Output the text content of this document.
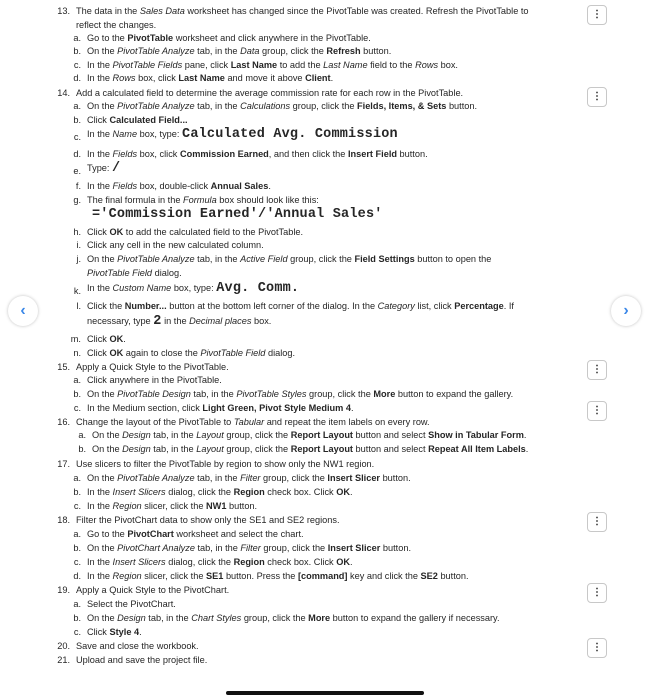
13. The data in the Sales Data worksheet has changed since the PivotTable was created. Refresh the PivotTable to
reflect the changes.
a. Go to the PivotTable worksheet and click anywhere in the PivotTable.
b. On the PivotTable Analyze tab, in the Data group, click the Refresh button.
c. In the PivotTable Fields pane, click Last Name to add the Last Name field to the Rows box.
d. In the Rows box, click Last Name and move it above Client.
14. Add a calculated field to determine the average commission rate for each row in the PivotTable.
a. On the PivotTable Analyze tab, in the Calculations group, click the Fields, Items, & Sets button.
b. Click Calculated Field...
c. In the Name box, type: Calculated Avg. Commission
d. In the Fields box, click Commission Earned, and then click the Insert Field button.
e. Type: /
f. In the Fields box, double-click Annual Sales.
g. The final formula in the Formula box should look like this:
='Commission Earned'/'Annual Sales'
h. Click OK to add the calculated field to the PivotTable.
i. Click any cell in the new calculated column.
j. On the PivotTable Analyze tab, in the Active Field group, click the Field Settings button to open the
PivotTable Field dialog.
k. In the Custom Name box, type: Avg. Comm.
l. Click the Number... button at the bottom left corner of the dialog. In the Category list, click Percentage. If
necessary, type 2 in the Decimal places box.
m. Click OK.
n. Click OK again to close the PivotTable Field dialog.
15. Apply a Quick Style to the PivotTable.
a. Click anywhere in the PivotTable.
b. On the PivotTable Design tab, in the PivotTable Styles group, click the More button to expand the gallery.
c. In the Medium section, click Light Green, Pivot Style Medium 4.
16. Change the layout of the PivotTable to Tabular and repeat the item labels on every row.
a. On the Design tab, in the Layout group, click the Report Layout button and select Show in Tabular Form.
b. On the Design tab, in the Layout group, click the Report Layout button and select Repeat All Item Labels.
17. Use slicers to filter the PivotTable by region to show only the NW1 region.
a. On the PivotTable Analyze tab, in the Filter group, click the Insert Slicer button.
b. In the Insert Slicers dialog, click the Region check box. Click OK.
c. In the Region slicer, click the NW1 button.
18. Filter the PivotChart data to show only the SE1 and SE2 regions.
a. Go to the PivotChart worksheet and select the chart.
b. On the PivotChart Analyze tab, in the Filter group, click the Insert Slicer button.
c. In the Insert Slicers dialog, click the Region check box. Click OK.
d. In the Region slicer, click the SE1 button. Press the [command] key and click the SE2 button.
19. Apply a Quick Style to the PivotChart.
a. Select the PivotChart.
b. On the Design tab, in the Chart Styles group, click the More button to expand the gallery if necessary.
c. Click Style 4.
20. Save and close the workbook.
21. Upload and save the project file.
‹	›
⋮
⋮
⋮
⋮
⋮
⋮
⋮
